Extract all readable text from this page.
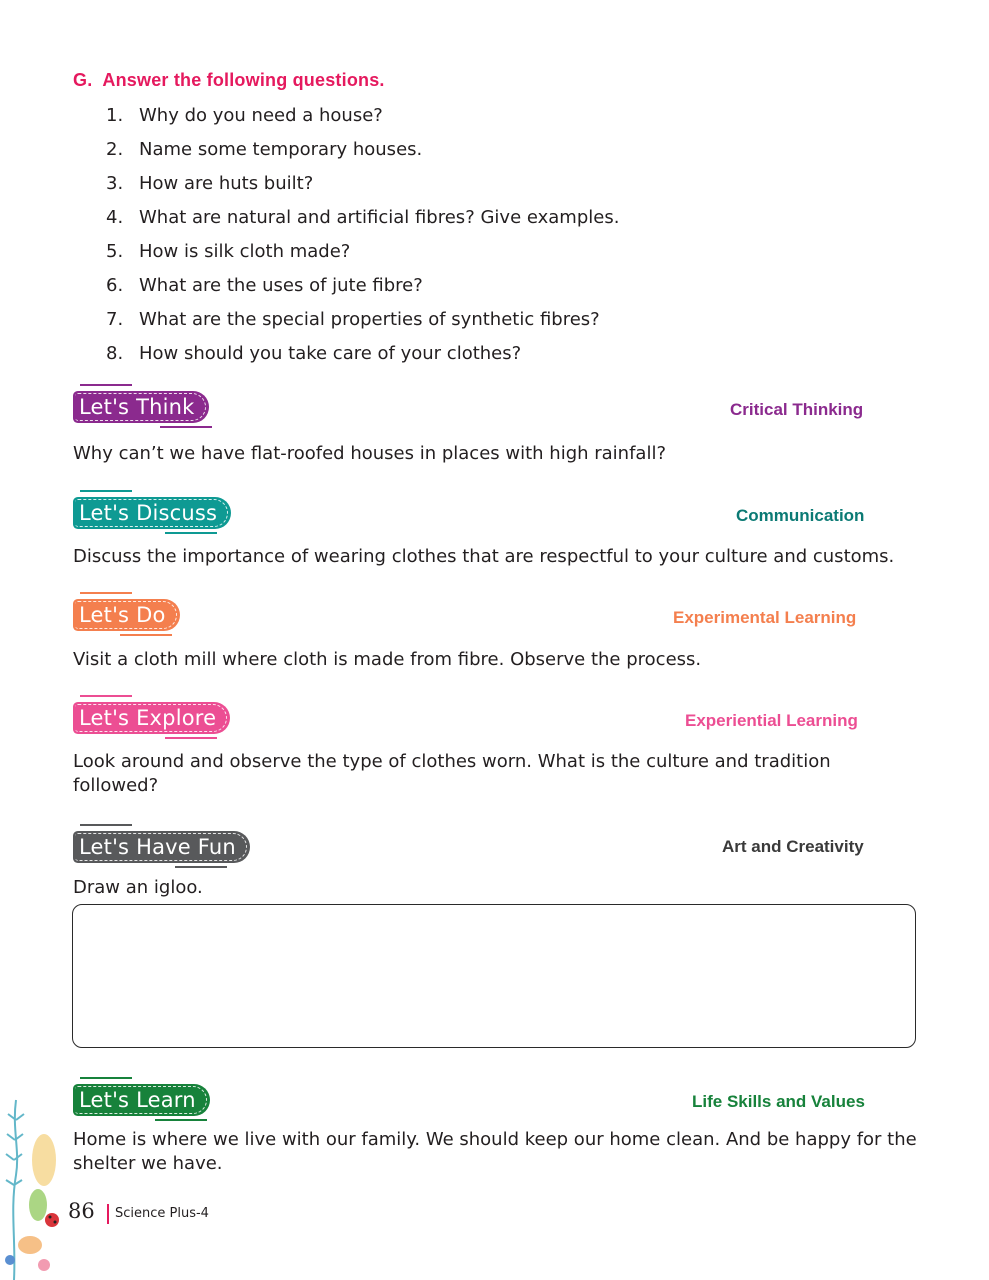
G. Answer the following questions.
1. Why do you need a house?
2. Name some temporary houses.
3. How are huts built?
4. What are natural and artificial fibres? Give examples.
5. How is silk cloth made?
6. What are the uses of jute fibre?
7. What are the special properties of synthetic fibres?
8. How should you take care of your clothes?
Let's Think	Critical Thinking

Why can’t we have flat-roofed houses in places with high rainfall?

Let's Discuss	Communication

Discuss the importance of wearing clothes that are respectful to your culture and customs.

Let's Do	Experimental Learning

Visit a cloth mill where cloth is made from fibre. Observe the process.

Let's Explore	Experiential Learning

Look around and observe the type of clothes worn. What is the culture and tradition followed?

Let's Have Fun	Art and Creativity

Draw an igloo.

Let's Learn	Life Skills and Values

Home is where we live with our family. We should keep our home clean. And be happy for the shelter we have.

86 Science Plus-4
